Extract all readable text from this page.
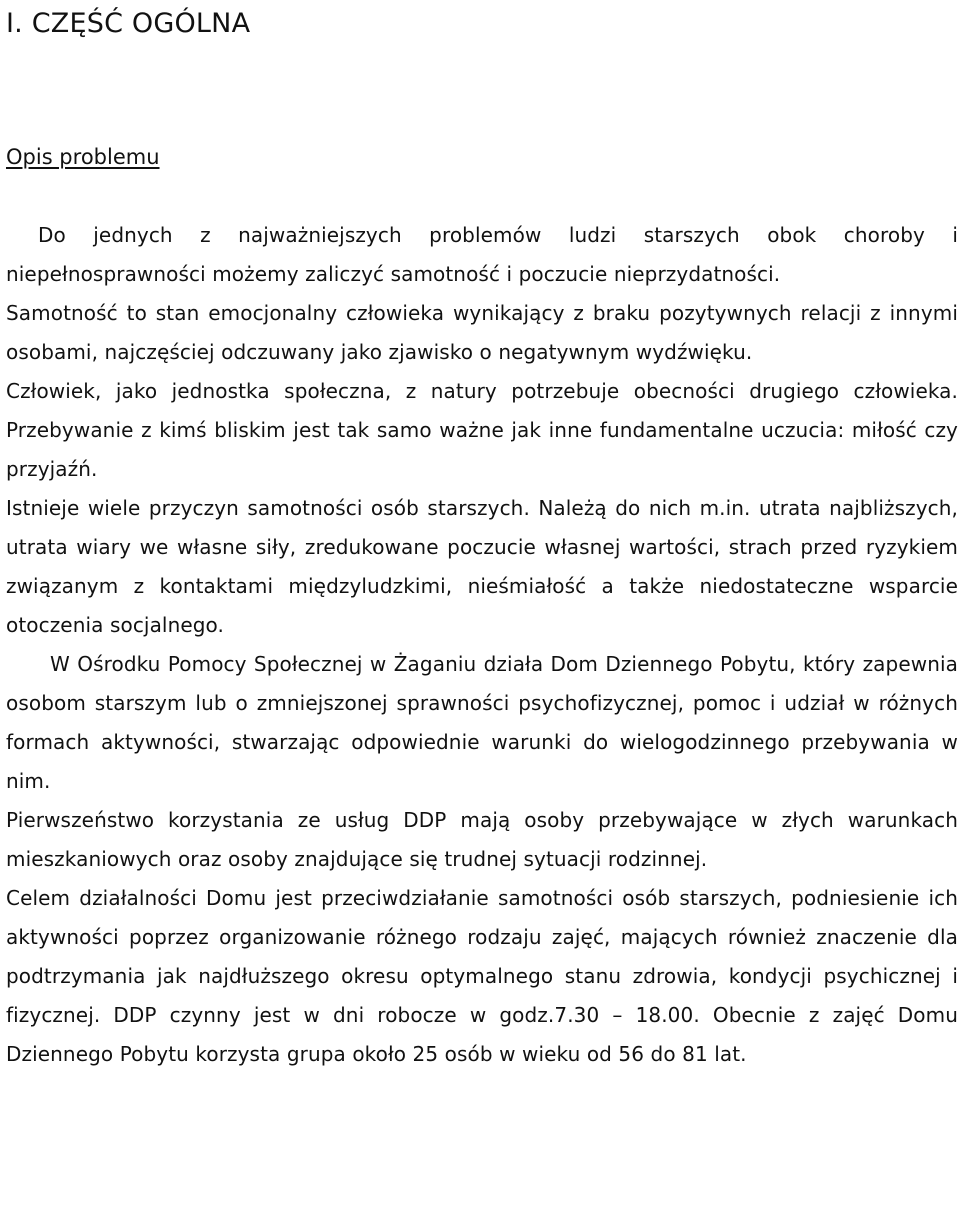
I. CZĘŚĆ OGÓLNA
Opis problemu

Do jednych z najważniejszych problemów ludzi starszych obok choroby i niepełnosprawności możemy zaliczyć samotność i poczucie nieprzydatności.

Samotność to stan emocjonalny człowieka wynikający z braku pozytywnych relacji z innymi osobami, najczęściej odczuwany jako zjawisko o negatywnym wydźwięku.

Człowiek, jako jednostka społeczna, z natury potrzebuje obecności drugiego człowieka. Przebywanie z kimś bliskim jest tak samo ważne jak inne fundamentalne uczucia: miłość czy przyjaźń.

Istnieje wiele przyczyn samotności osób starszych. Należą do nich m.in. utrata najbliższych, utrata wiary we własne siły, zredukowane poczucie własnej wartości, strach przed ryzykiem związanym z kontaktami międzyludzkimi, nieśmiałość a także niedostateczne wsparcie otoczenia socjalnego.

W Ośrodku Pomocy Społecznej w Żaganiu działa Dom Dziennego Pobytu, który zapewnia osobom starszym lub o zmniejszonej sprawności psychofizycznej, pomoc i udział w różnych formach aktywności, stwarzając odpowiednie warunki do wielogodzinnego przebywania w nim.

Pierwszeństwo korzystania ze usług DDP mają osoby przebywające w złych warunkach mieszkaniowych oraz osoby znajdujące się trudnej sytuacji rodzinnej.

Celem działalności Domu jest przeciwdziałanie samotności osób starszych, podniesienie ich aktywności poprzez organizowanie różnego rodzaju zajęć, mających również znaczenie dla podtrzymania jak najdłuższego okresu optymalnego stanu zdrowia, kondycji psychicznej i fizycznej. DDP czynny jest w dni robocze w godz.7.30 – 18.00. Obecnie z zajęć Domu Dziennego Pobytu korzysta grupa około 25 osób w wieku od 56 do 81 lat.
